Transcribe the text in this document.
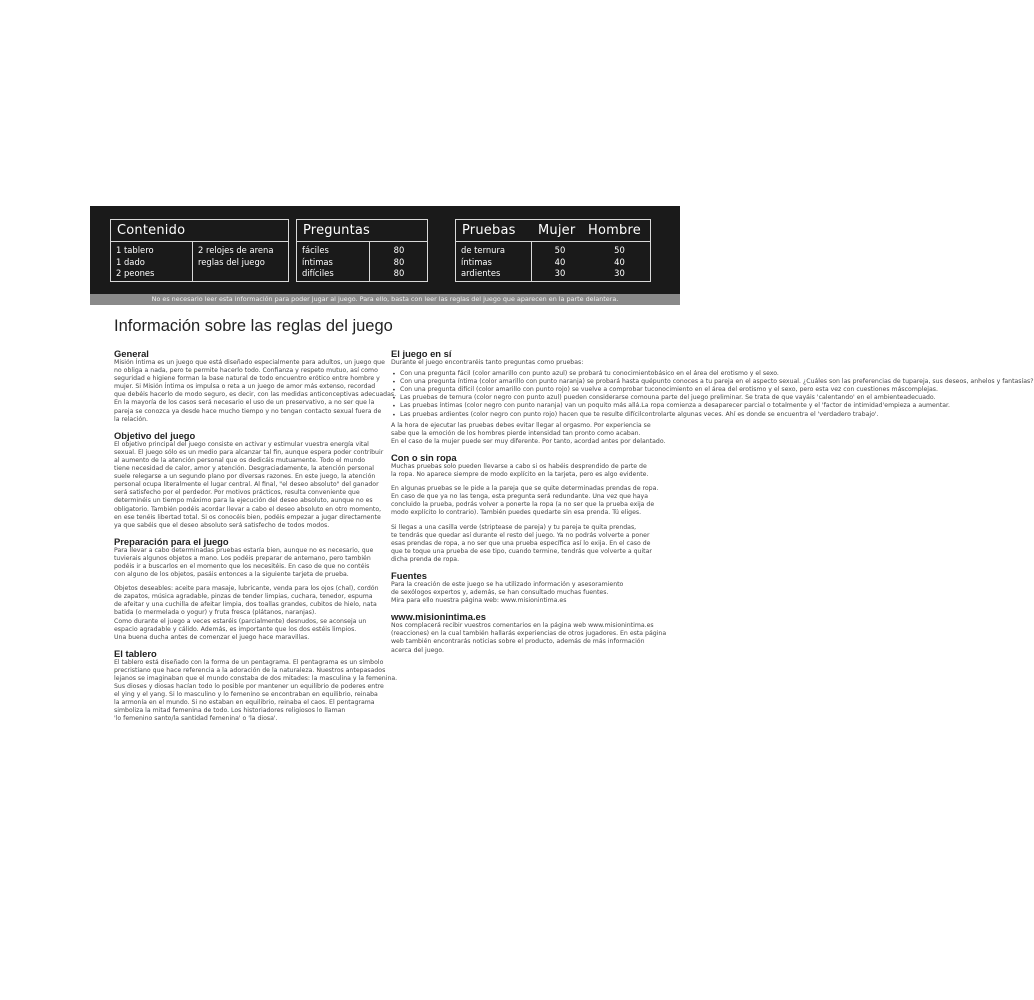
Contenido
1 tablero
1 dado
2 peones
2 relojes de arena
reglas del juego
Preguntas
fáciles
íntimas
difíciles
80
80
80
Pruebas Mujer Hombre
de ternura
íntimas
ardientes
50
40
30
50
40
30
No es necesario leer esta información para poder jugar al juego. Para ello, basta con leer las reglas del juego que aparecen en la parte delantera.
Información sobre las reglas del juego
General
Misión Íntima es un juego que está diseñado especialmente para adultos, un juego que
no obliga a nada, pero te permite hacerlo todo. Confianza y respeto mutuo, así como
seguridad e higiene forman la base natural de todo encuentro erótico entre hombre y
mujer. Si Misión Íntima os impulsa o reta a un juego de amor más extenso, recordad
que debéis hacerlo de modo seguro, es decir, con las medidas anticonceptivas adecuadas.
En la mayoría de los casos será necesario el uso de un preservativo, a no ser que la
pareja se conozca ya desde hace mucho tiempo y no tengan contacto sexual fuera de
la relación.
Objetivo del juego
El objetivo principal del juego consiste en activar y estimular vuestra energía vital
sexual. El juego sólo es un medio para alcanzar tal fin, aunque espera poder contribuir
al aumento de la atención personal que os dedicáis mutuamente. Todo el mundo
tiene necesidad de calor, amor y atención. Desgraciadamente, la atención personal
suele relegarse a un segundo plano por diversas razones. En este juego, la atención
personal ocupa literalmente el lugar central. Al final, "el deseo absoluto" del ganador
será satisfecho por el perdedor. Por motivos prácticos, resulta conveniente que
determinéis un tiempo máximo para la ejecución del deseo absoluto, aunque no es
obligatorio. También podéis acordar llevar a cabo el deseo absoluto en otro momento,
en ese tenéis libertad total. Si os conocéis bien, podéis empezar a jugar directamente
ya que sabéis que el deseo absoluto será satisfecho de todos modos.
Preparación para el juego
Para llevar a cabo determinadas pruebas estaría bien, aunque no es necesario, que
tuvierais algunos objetos a mano. Los podéis preparar de antemano, pero también
podéis ir a buscarlos en el momento que los necesitéis. En caso de que no contéis
con alguno de los objetos, pasáis entonces a la siguiente tarjeta de prueba.
Objetos deseables: aceite para masaje, lubricante, venda para los ojos (chal), cordón
de zapatos, música agradable, pinzas de tender limpias, cuchara, tenedor, espuma
de afeitar y una cuchilla de afeitar limpia, dos toallas grandes, cubitos de hielo, nata
batida (o mermelada o yogur) y fruta fresca (plátanos, naranjas).
Como durante el juego a veces estaréis (parcialmente) desnudos, se aconseja un
espacio agradable y cálido. Además, es importante que los dos estéis limpios.
Una buena ducha antes de comenzar el juego hace maravillas.
El tablero
El tablero está diseñado con la forma de un pentagrama. El pentagrama es un símbolo
precristiano que hace referencia a la adoración de la naturaleza. Nuestros antepasados
lejanos se imaginaban que el mundo constaba de dos mitades: la masculina y la femenina.
Sus dioses y diosas hacían todo lo posible por mantener un equilibrio de poderes entre
el ying y el yang. Si lo masculino y lo femenino se encontraban en equilibrio, reinaba
la armonía en el mundo. Si no estaban en equilibrio, reinaba el caos. El pentagrama
simboliza la mitad femenina de todo. Los historiadores religiosos lo llaman
'lo femenino santo/la santidad femenina' o 'la diosa'.
El juego en sí
Durante el juego encontraréis tanto preguntas como pruebas:
• Con una pregunta fácil (color amarillo con punto azul) se probará tu conocimientobásico en el área del erotismo y el sexo.
• Con una pregunta íntima (color amarillo con punto naranja) se probará hasta quépunto conoces a tu pareja en el aspecto sexual. ¿Cuáles son las preferencias de tupareja, sus deseos, anhelos y fantasías?
• Con una pregunta difícil (color amarillo con punto rojo) se vuelve a comprobar tuconocimiento en el área del erotismo y el sexo, pero esta vez con cuestiones máscomplejas.
• Las pruebas de ternura (color negro con punto azul) pueden considerarse comouna parte del juego preliminar. Se trata de que vayáis 'calentando' en el ambienteadecuado.
• Las pruebas íntimas (color negro con punto naranja) van un poquito más allá.La ropa comienza a desaparecer parcial o totalmente y el 'factor de intimidad'empieza a aumentar.
• Las pruebas ardientes (color negro con punto rojo) hacen que te resulte difícilcontrolarte algunas veces. Ahí es donde se encuentra el 'verdadero trabajo'.
A la hora de ejecutar las pruebas debes evitar llegar al orgasmo. Por experiencia se
sabe que la emoción de los hombres pierde intensidad tan pronto como acaban.
En el caso de la mujer puede ser muy diferente. Por tanto, acordad antes por delantado.
Con o sin ropa
Muchas pruebas solo pueden llevarse a cabo si os habéis desprendido de parte de
la ropa. No aparece siempre de modo explícito en la tarjeta, pero es algo evidente.
En algunas pruebas se le pide a la pareja que se quite determinadas prendas de ropa.
En caso de que ya no las tenga, esta pregunta será redundante. Una vez que haya
concluido la prueba, podrás volver a ponerte la ropa (a no ser que la prueba exija de
modo explícito lo contrario). También puedes quedarte sin esa prenda. Tú eliges.
Si llegas a una casilla verde (striptease de pareja) y tu pareja te quita prendas,
te tendrás que quedar así durante el resto del juego. Ya no podrás volverte a poner
esas prendas de ropa, a no ser que una prueba específica así lo exija. En el caso de
que te toque una prueba de ese tipo, cuando termine, tendrás que volverte a quitar
dicha prenda de ropa.
Fuentes
Para la creación de este juego se ha utilizado información y asesoramiento
de sexólogos expertos y, además, se han consultado muchas fuentes.
Mira para ello nuestra página web: www.misionintima.es
www.misionintima.es
Nos complacerá recibir vuestros comentarios en la página web www.misionintima.es
(reacciones) en la cual también hallarás experiencias de otros jugadores. En esta página
web también encontrarás noticias sobre el producto, además de más información
acerca del juego.
